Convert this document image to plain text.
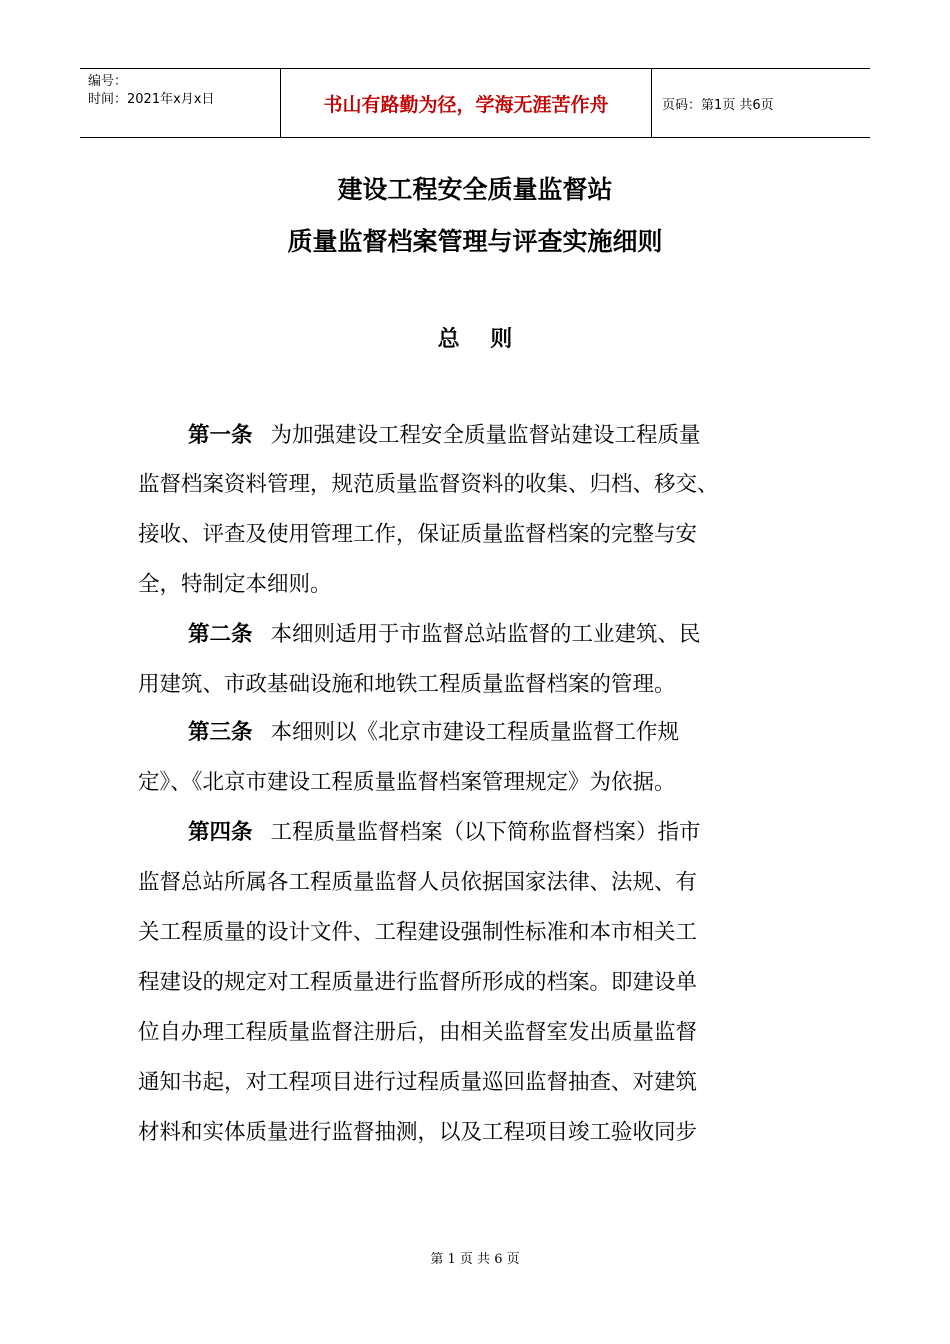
编号：
时间：2021年x月x日	书山有路勤为径，学海无涯苦作舟	页码：第1页 共6页
建设工程安全质量监督站
质量监督档案管理与评查实施细则
总    则
第一条 为加强建设工程安全质量监督站建设工程质量
监督档案资料管理，规范质量监督资料的收集、归档、移交、
接收、评查及使用管理工作，保证质量监督档案的完整与安
全，特制定本细则。
第二条 本细则适用于市监督总站监督的工业建筑、民
用建筑、市政基础设施和地铁工程质量监督档案的管理。
第三条 本细则以《北京市建设工程质量监督工作规
定》、《北京市建设工程质量监督档案管理规定》为依据。
第四条 工程质量监督档案（以下简称监督档案）指市
监督总站所属各工程质量监督人员依据国家法律、法规、有
关工程质量的设计文件、工程建设强制性标准和本市相关工
程建设的规定对工程质量进行监督所形成的档案。即建设单
位自办理工程质量监督注册后，由相关监督室发出质量监督
通知书起，对工程项目进行过程质量巡回监督抽查、对建筑
材料和实体质量进行监督抽测，以及工程项目竣工验收同步
第 1 页 共 6 页
